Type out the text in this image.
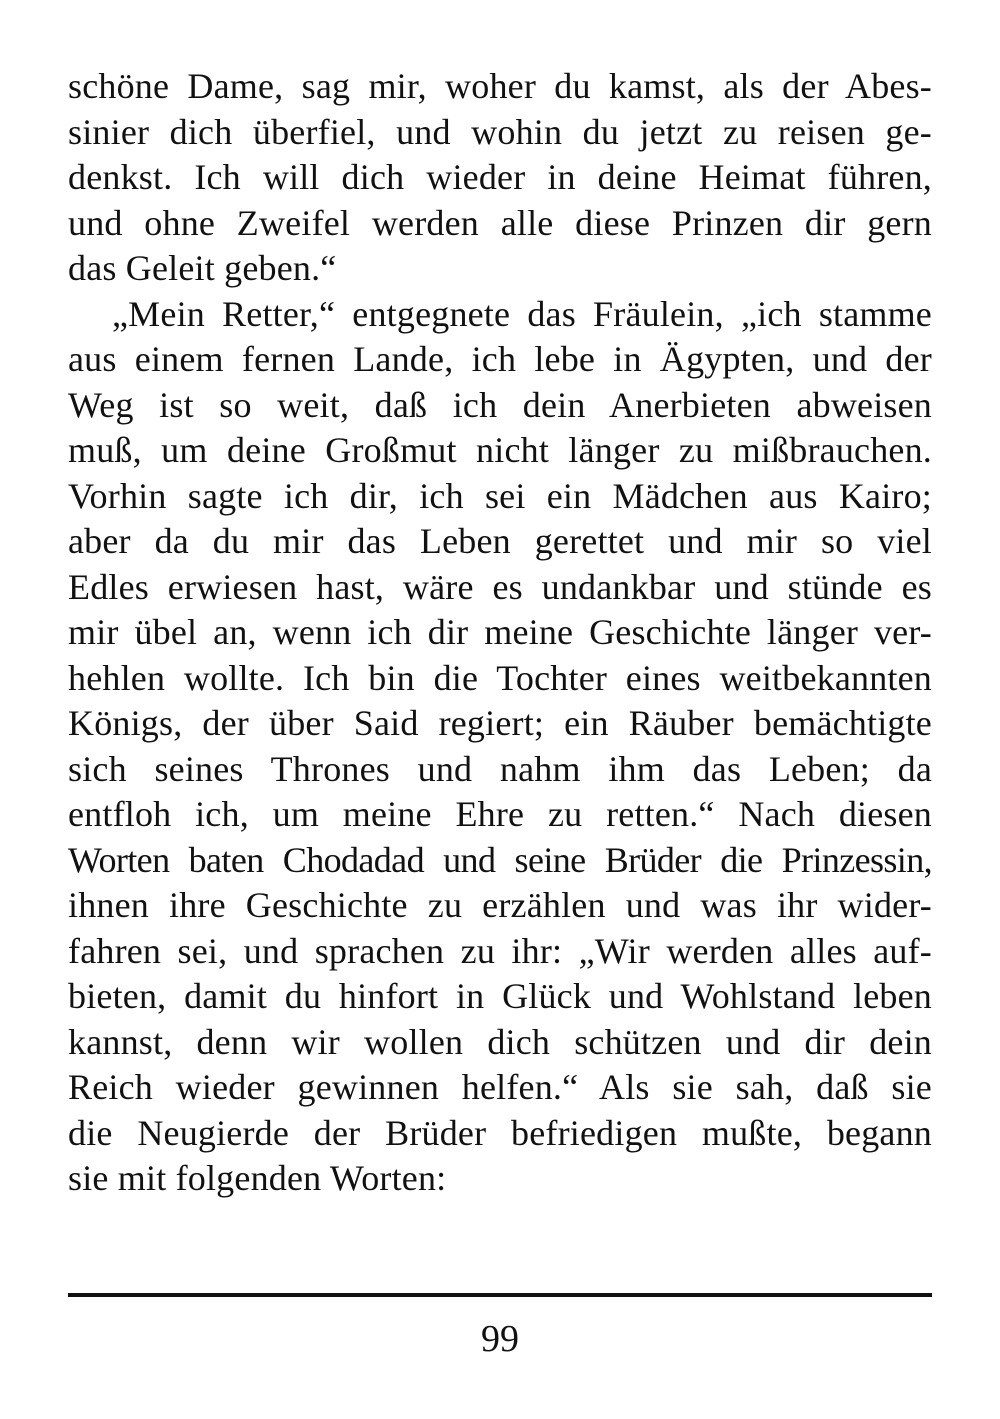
schöne Dame, sag mir, woher du kamst, als der Abes-
sinier dich überfiel, und wohin du jetzt zu reisen ge-
denkst. Ich will dich wieder in deine Heimat führen,
und ohne Zweifel werden alle diese Prinzen dir gern
das Geleit geben.“
„Mein Retter,“ entgegnete das Fräulein, „ich stamme
aus einem fernen Lande, ich lebe in Ägypten, und der
Weg ist so weit, daß ich dein Anerbieten abweisen
muß, um deine Großmut nicht länger zu mißbrauchen.
Vorhin sagte ich dir, ich sei ein Mädchen aus Kairo;
aber da du mir das Leben gerettet und mir so viel
Edles erwiesen hast, wäre es undankbar und stünde es
mir übel an, wenn ich dir meine Geschichte länger ver-
hehlen wollte. Ich bin die Tochter eines weitbekannten
Königs, der über Said regiert; ein Räuber bemächtigte
sich seines Thrones und nahm ihm das Leben; da
entfloh ich, um meine Ehre zu retten.“ Nach diesen
Worten baten Chodadad und seine Brüder die Prinzessin,
ihnen ihre Geschichte zu erzählen und was ihr wider-
fahren sei, und sprachen zu ihr: „Wir werden alles auf-
bieten, damit du hinfort in Glück und Wohlstand leben
kannst, denn wir wollen dich schützen und dir dein
Reich wieder gewinnen helfen.“ Als sie sah, daß sie
die Neugierde der Brüder befriedigen mußte, begann
sie mit folgenden Worten:
99
